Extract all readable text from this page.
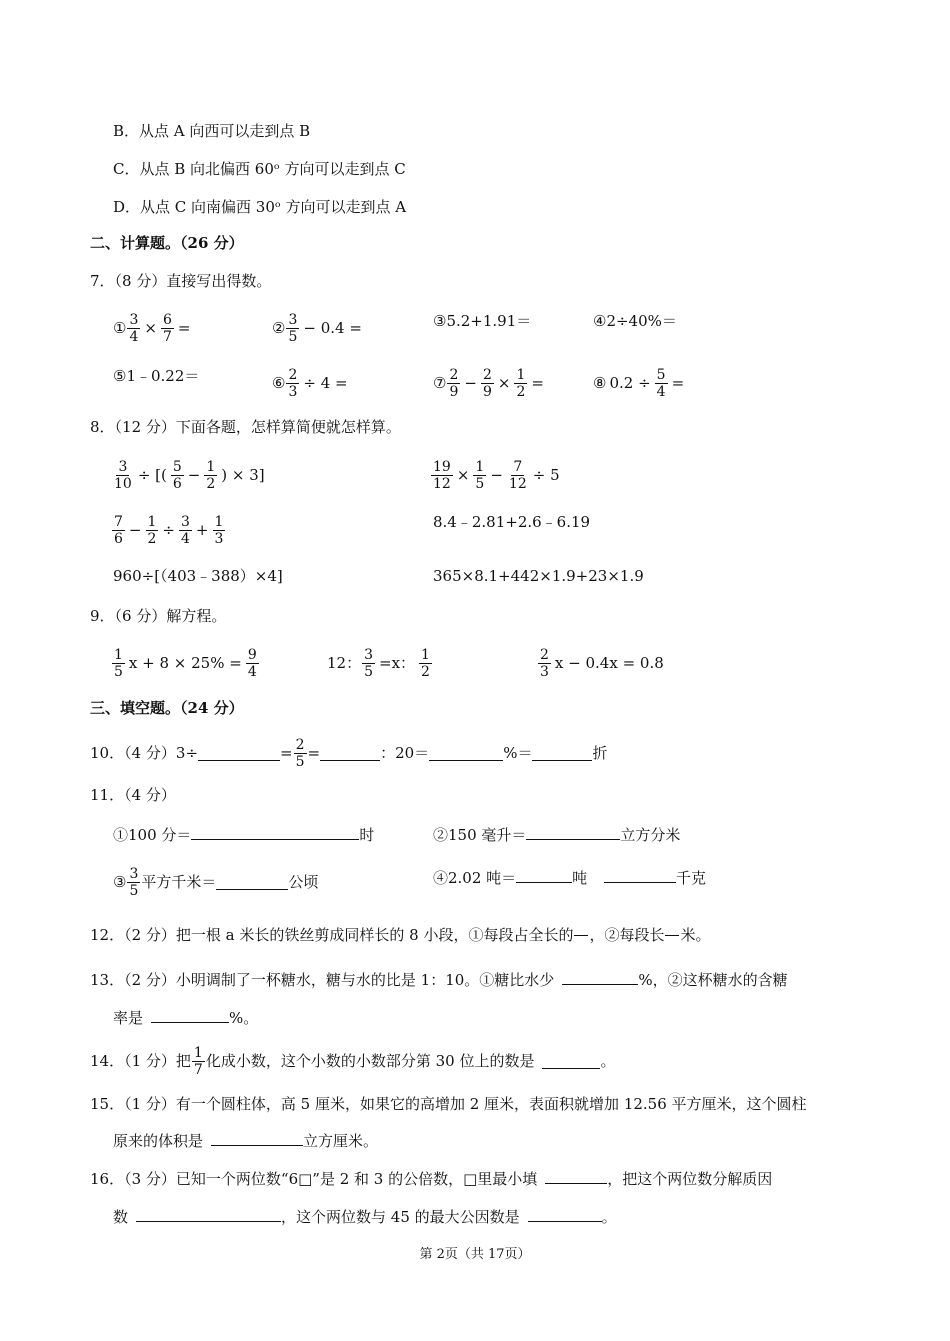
B．从点 A 向西可以走到点 B
C．从点 B 向北偏西 60ᵒ 方向可以走到点 C
D．从点 C 向南偏西 30ᵒ 方向可以走到点 A
二、计算题。（26 分）
7．（8 分）直接写出得数。
① $\frac{3}{4} \times \frac{6}{7}$ =	② $\frac{3}{5} - 0.4$ =	③5.2+1.91＝	④2÷40%＝
⑤1﹣0.22＝	⑥ $\frac{2}{3} \div 4$ =	⑦ $\frac{2}{9} - \frac{2}{9} \times \frac{1}{2}$ =	⑧ $0.2 \div \frac{5}{4}$ =
8．（12 分）下面各题，怎样算简便就怎样算。
$\frac{3}{10}$ ÷ [( $\frac{5}{6} - \frac{1}{2}$ ) × 3]	$\frac{19}{12} \times \frac{1}{5} - \frac{7}{12} \div 5$
$\frac{7}{6} - \frac{1}{2} \div \frac{3}{4} + \frac{1}{3}$	8.4﹣2.81+2.6﹣6.19
960÷[（403﹣388）×4]	365×8.1+442×1.9+23×1.9
9．（6 分）解方程。
$\frac{1}{5}$ $x + 8 \times 25\% = \frac{9}{4}$	12： $\frac{3}{5} =x$： $\frac{1}{2}$	$\frac{2}{3}$ x − 0.4x = 0.8
三、填空题。（24 分）
10．（4 分）3÷	= $\frac{2}{5}$ =	：20＝	%＝	折
11．（4 分）
①100 分＝	时	②150 毫升＝	立方分米
③ $\frac{3}{5}$ 平方千米＝	公顷	④2.02 吨＝	吨	千克
12．（2 分）把一根 a 米长的铁丝剪成同样长的 8 小段，①每段占全长的 ，②每段长 米。
13．（2 分）小明调制了一杯糖水，糖与水的比是 1：10。①糖比水少	%，②这杯糖水的含糖
率是	%。
14．（1 分）把 $\frac{1}{7}$ 化成小数，这个小数的小数部分第 30 位上的数是	。
15．（1 分）有一个圆柱体，高 5 厘米，如果它的高增加 2 厘米，表面积就增加 12.56 平方厘米，这个圆柱
原来的体积是	立方厘米。
16．（3 分）已知一个两位数“6□”是 2 和 3 的公倍数，□里最小填	，把这个两位数分解质因
数	，这个两位数与 45 的最大公因数是	。
第 2页（共 17页）
